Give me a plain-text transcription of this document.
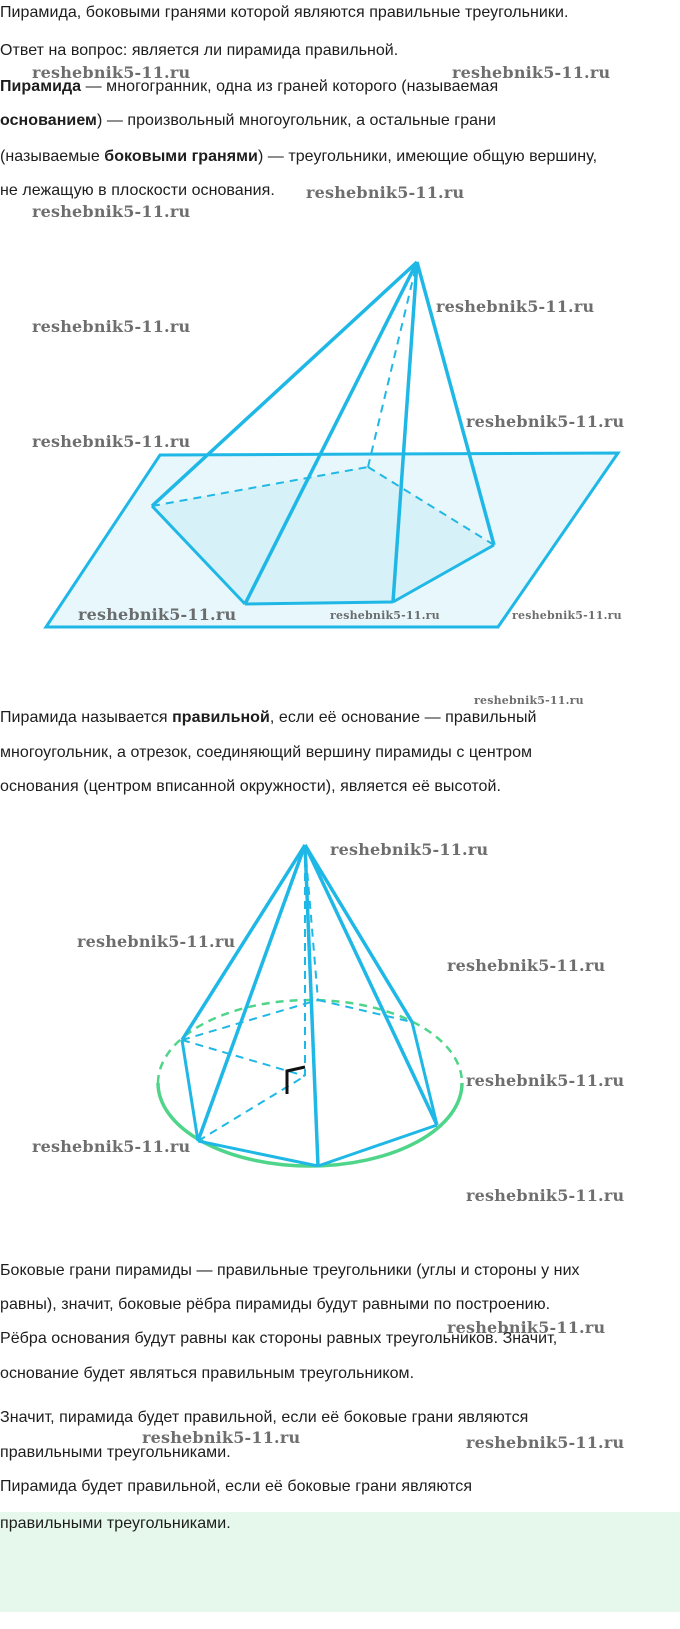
Пирамида, боковыми гранями которой являются правильные треугольники.
Ответ на вопрос: является ли пирамида правильной.
Пирамида — многогранник, одна из граней которого (называемая
основанием) — произвольный многоугольник, а остальные грани
(называемые боковыми гранями) — треугольники, имеющие общую вершину,
не лежащую в плоскости основания.
Пирамида называется правильной, если её основание — правильный
многоугольник, а отрезок, соединяющий вершину пирамиды с центром
основания (центром вписанной окружности), является её высотой.
Боковые грани пирамиды — правильные треугольники (углы и стороны у них
равны), значит, боковые рёбра пирамиды будут равными по построению.
Рёбра основания будут равны как стороны равных треугольников. Значит,
основание будет являться правильным треугольником.
Значит, пирамида будет правильной, если её боковые грани являются
правильными треугольниками.
Пирамида будет правильной, если её боковые грани являются
правильными треугольниками.
reshebnik5-11.ru	reshebnik5-11.ru
reshebnik5-11.ru
reshebnik5-11.ru
reshebnik5-11.ru
reshebnik5-11.ru
reshebnik5-11.ru
reshebnik5-11.ru
reshebnik5-11.ru	reshebnik5-11.ru	reshebnik5-11.ru
reshebnik5-11.ru
reshebnik5-11.ru
reshebnik5-11.ru
reshebnik5-11.ru
reshebnik5-11.ru
reshebnik5-11.ru
reshebnik5-11.ru
reshebnik5-11.ru
reshebnik5-11.ru	reshebnik5-11.ru
